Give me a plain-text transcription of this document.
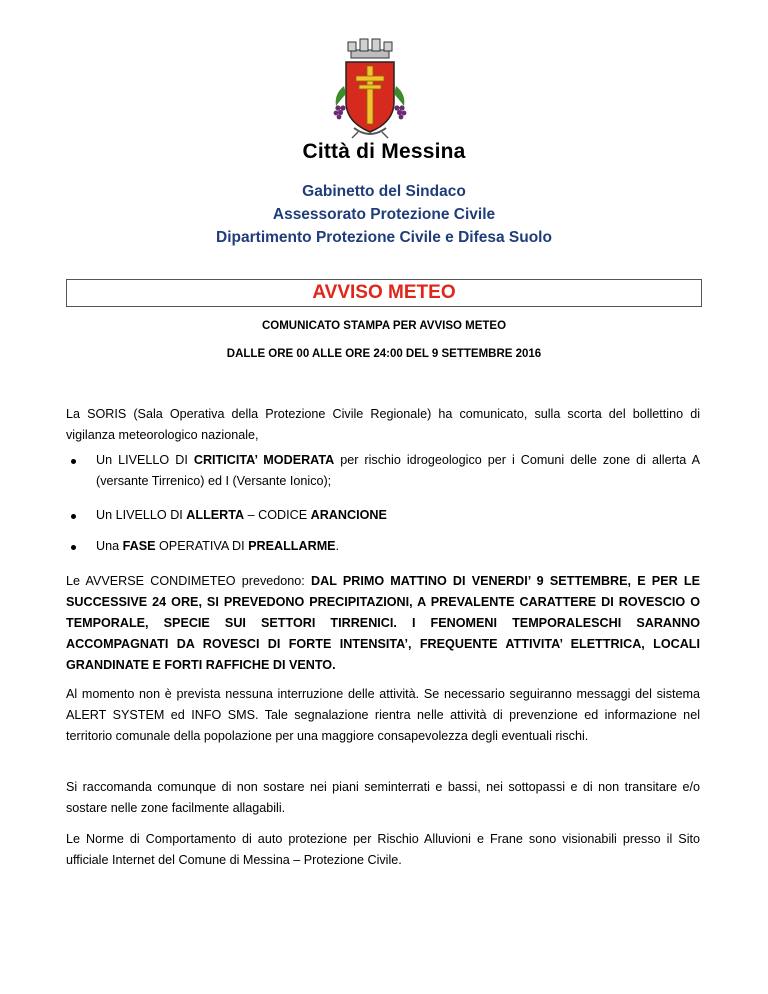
Città di Messina
Gabinetto del Sindaco
Assessorato Protezione Civile
Dipartimento Protezione Civile e Difesa Suolo
AVVISO METEO
COMUNICATO STAMPA PER AVVISO METEO
DALLE ORE 00 ALLE ORE 24:00 DEL 9 SETTEMBRE 2016
La SORIS (Sala Operativa della Protezione Civile Regionale) ha comunicato, sulla scorta del bollettino di vigilanza meteorologico nazionale,
Un LIVELLO DI CRITICITA’ MODERATA per rischio idrogeologico per i Comuni delle zone di allerta A (versante Tirrenico) ed I (Versante Ionico);
Un LIVELLO DI ALLERTA – CODICE ARANCIONE
Una FASE OPERATIVA DI PREALLARME.
Le AVVERSE CONDIMETEO prevedono: DAL PRIMO MATTINO DI VENERDI’ 9 SETTEMBRE, E PER LE SUCCESSIVE 24 ORE, SI PREVEDONO PRECIPITAZIONI, A PREVALENTE CARATTERE DI ROVESCIO O TEMPORALE, SPECIE SUI SETTORI TIRRENICI. I FENOMENI TEMPORALESCHI SARANNO ACCOMPAGNATI DA ROVESCI DI FORTE INTENSITA’, FREQUENTE ATTIVITA’ ELETTRICA, LOCALI GRANDINATE E FORTI RAFFICHE DI VENTO.
Al momento non è prevista nessuna interruzione delle attività. Se necessario seguiranno messaggi del sistema ALERT SYSTEM ed INFO SMS. Tale segnalazione rientra nelle attività di prevenzione ed informazione nel territorio comunale della popolazione per una maggiore consapevolezza degli eventuali rischi.
Si raccomanda comunque di non sostare nei piani seminterrati e bassi, nei sottopassi e di non transitare e/o sostare nelle zone facilmente allagabili.
Le Norme di Comportamento di auto protezione per Rischio Alluvioni e Frane sono visionabili presso il Sito ufficiale Internet del Comune di Messina – Protezione Civile.
